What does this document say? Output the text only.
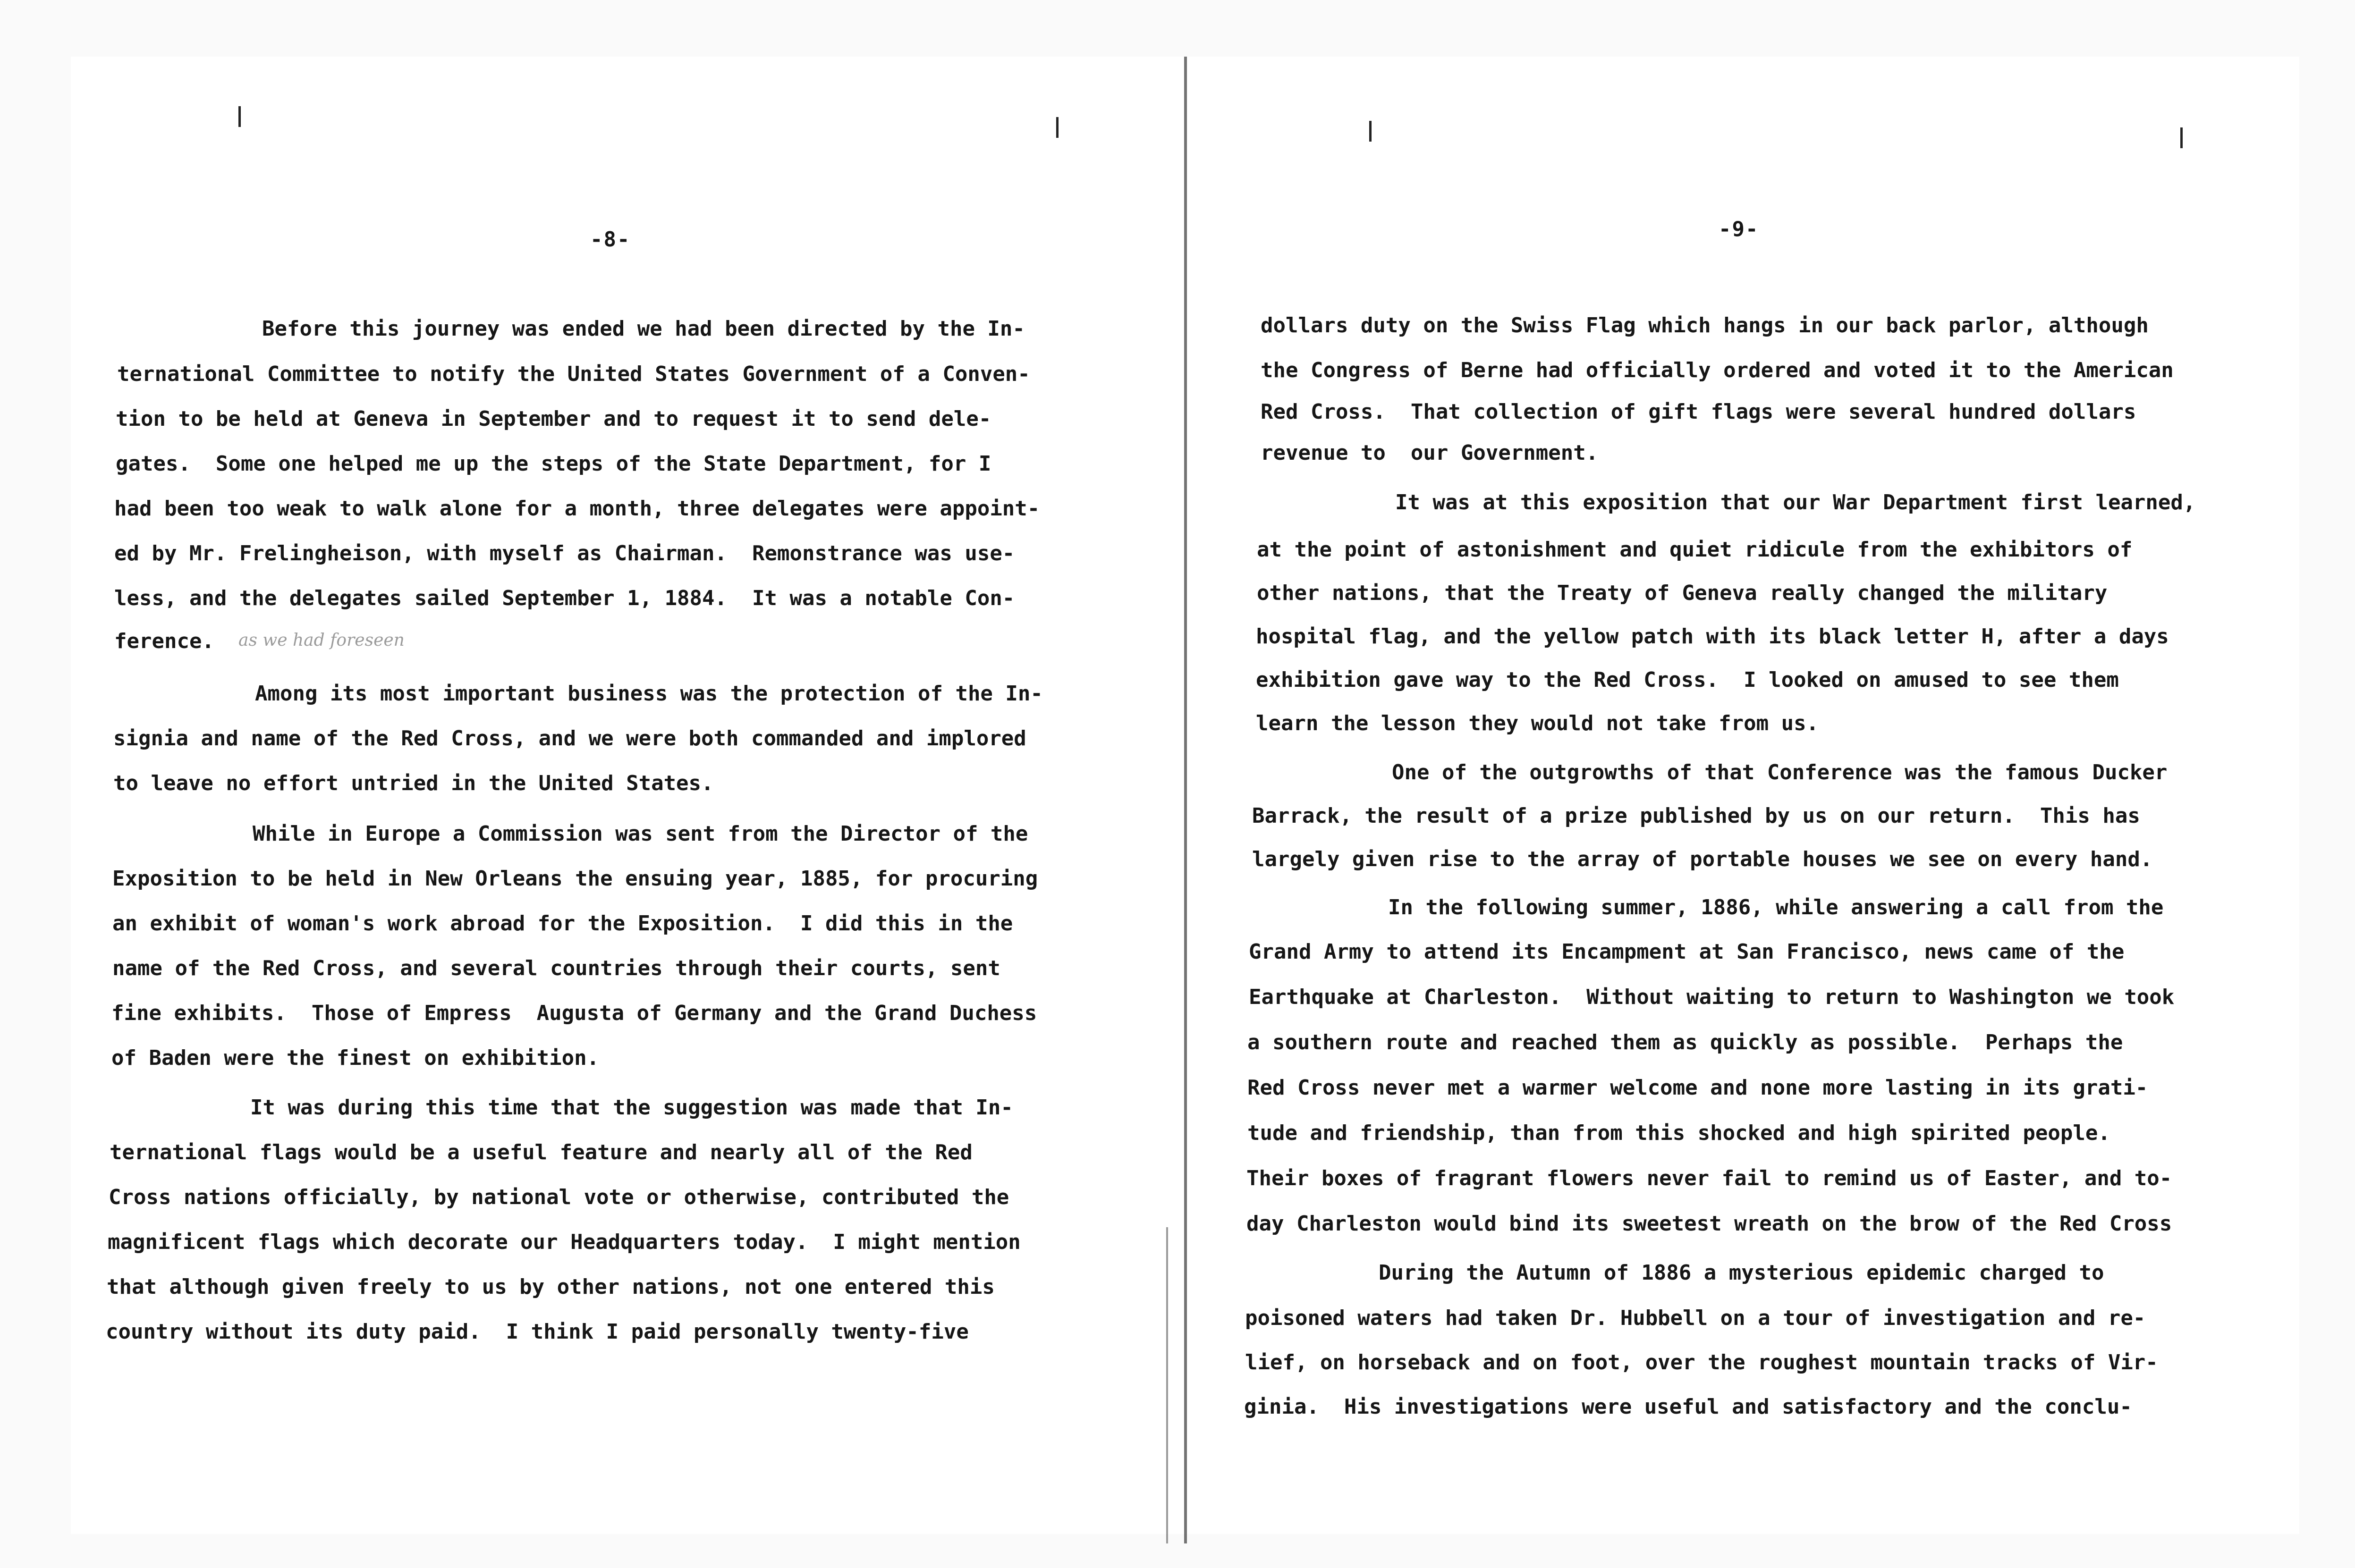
-8-
Before this journey was ended we had been directed by the In-
ternational Committee to notify the United States Government of a Conven-
tion to be held at Geneva in September and to request it to send dele-
gates.  Some one helped me up the steps of the State Department, for I
had been too weak to walk alone for a month, three delegates were appoint-
ed by Mr. Frelingheison, with myself as Chairman.  Remonstrance was use-
less, and the delegates sailed September 1, 1884.  It was a notable Con-
ference. as we had foreseen
Among its most important business was the protection of the In-
signia and name of the Red Cross, and we were both commanded and implored
to leave no effort untried in the United States.
While in Europe a Commission was sent from the Director of the
Exposition to be held in New Orleans the ensuing year, 1885, for procuring
an exhibit of woman's work abroad for the Exposition.  I did this in the
name of the Red Cross, and several countries through their courts, sent
fine exhibits.  Those of Empress  Augusta of Germany and the Grand Duchess
of Baden were the finest on exhibition.
It was during this time that the suggestion was made that In-
ternational flags would be a useful feature and nearly all of the Red
Cross nations officially, by national vote or otherwise, contributed the
magnificent flags which decorate our Headquarters today.  I might mention
that although given freely to us by other nations, not one entered this
country without its duty paid.  I think I paid personally twenty-five
-9-
dollars duty on the Swiss Flag which hangs in our back parlor, although
the Congress of Berne had officially ordered and voted it to the American
Red Cross.  That collection of gift flags were several hundred dollars
revenue to  our Government.
It was at this exposition that our War Department first learned,
at the point of astonishment and quiet ridicule from the exhibitors of
other nations, that the Treaty of Geneva really changed the military
hospital flag, and the yellow patch with its black letter H, after a days
exhibition gave way to the Red Cross.  I looked on amused to see them
learn the lesson they would not take from us.
One of the outgrowths of that Conference was the famous Ducker
Barrack, the result of a prize published by us on our return.  This has
largely given rise to the array of portable houses we see on every hand.
In the following summer, 1886, while answering a call from the
Grand Army to attend its Encampment at San Francisco, news came of the
Earthquake at Charleston.  Without waiting to return to Washington we took
a southern route and reached them as quickly as possible.  Perhaps the
Red Cross never met a warmer welcome and none more lasting in its grati-
tude and friendship, than from this shocked and high spirited people.
Their boxes of fragrant flowers never fail to remind us of Easter, and to-
day Charleston would bind its sweetest wreath on the brow of the Red Cross
During the Autumn of 1886 a mysterious epidemic charged to
poisoned waters had taken Dr. Hubbell on a tour of investigation and re-
lief, on horseback and on foot, over the roughest mountain tracks of Vir-
ginia.  His investigations were useful and satisfactory and the conclu-
